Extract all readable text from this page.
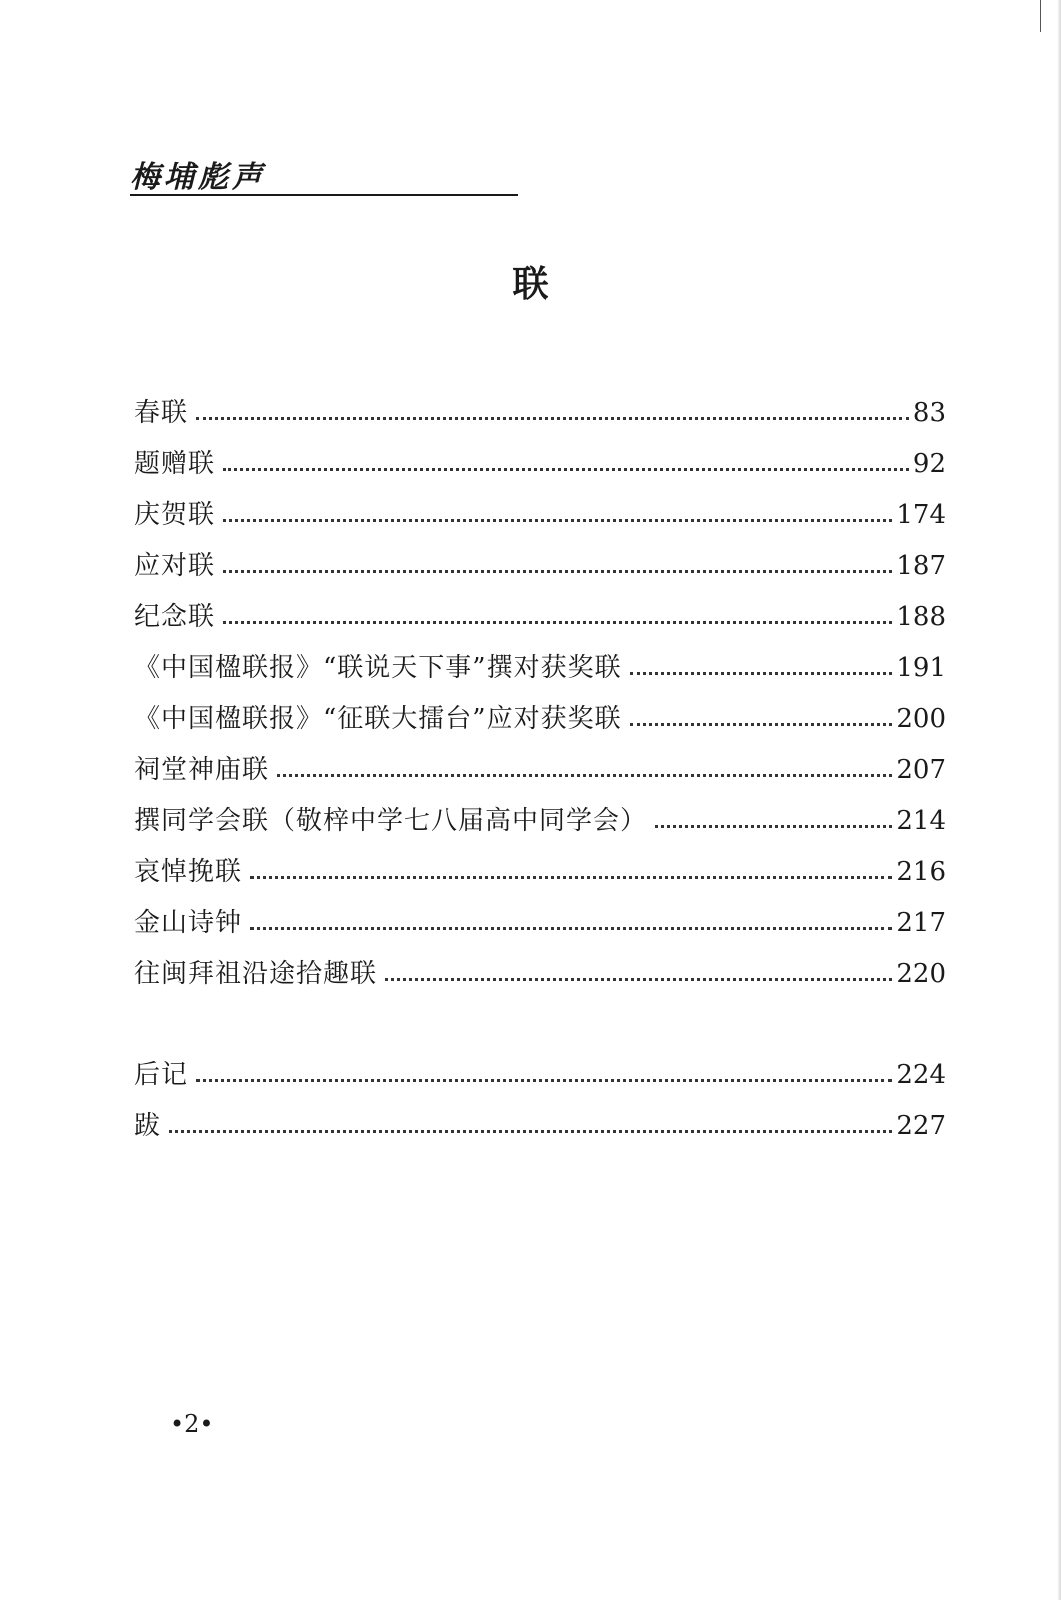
梅埔彪声
联
春联	83
题赠联	92
庆贺联	174
应对联	187
纪念联	188
《中国楹联报》“联说天下事”撰对获奖联	191
《中国楹联报》“征联大擂台”应对获奖联	200
祠堂神庙联	207
撰同学会联（敬梓中学七八届高中同学会）	214
哀悼挽联	216
金山诗钟	217
往闽拜祖沿途拾趣联	220
后记	224
跋	227
•2•
